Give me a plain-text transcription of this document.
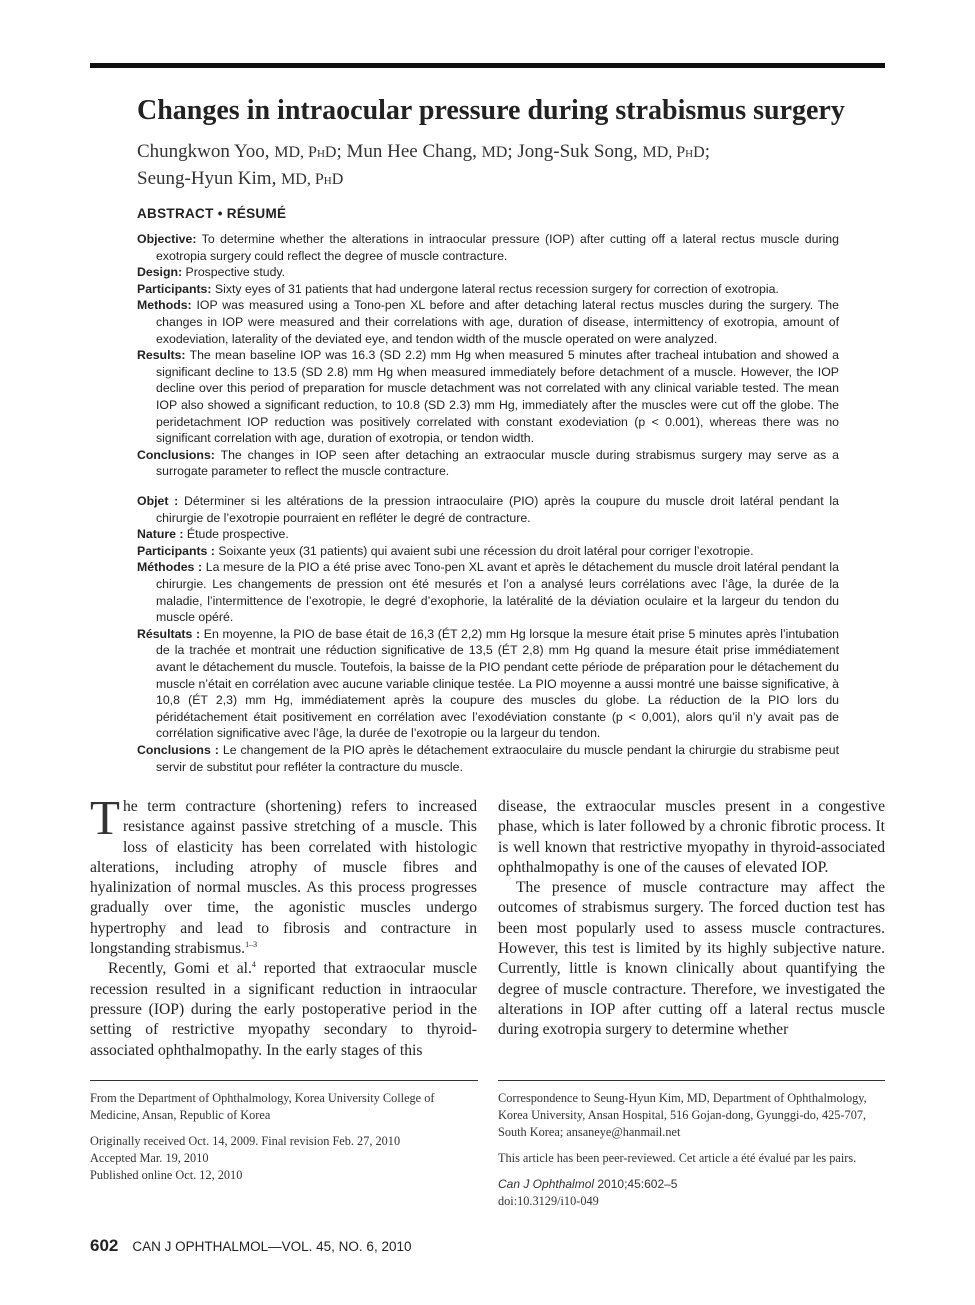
Changes in intraocular pressure during strabismus surgery
Chungkwon Yoo, MD, PhD; Mun Hee Chang, MD; Jong-Suk Song, MD, PhD;
Seung-Hyun Kim, MD, PhD
ABSTRACT • RÉSUMÉ

Objective: To determine whether the alterations in intraocular pressure (IOP) after cutting off a lateral rectus muscle during exotropia surgery could reflect the degree of muscle contracture.

Design: Prospective study.

Participants: Sixty eyes of 31 patients that had undergone lateral rectus recession surgery for correction of exotropia.

Methods: IOP was measured using a Tono-pen XL before and after detaching lateral rectus muscles during the surgery. The changes in IOP were measured and their correlations with age, duration of disease, intermittency of exotropia, amount of exodeviation, laterality of the deviated eye, and tendon width of the muscle operated on were analyzed.

Results: The mean baseline IOP was 16.3 (SD 2.2) mm Hg when measured 5 minutes after tracheal intubation and showed a significant decline to 13.5 (SD 2.8) mm Hg when measured immediately before detachment of a muscle. However, the IOP decline over this period of preparation for muscle detachment was not correlated with any clinical variable tested. The mean IOP also showed a significant reduction, to 10.8 (SD 2.3) mm Hg, immediately after the muscles were cut off the globe. The peridetachment IOP reduction was positively correlated with constant exodeviation (p < 0.001), whereas there was no significant correlation with age, duration of exotropia, or tendon width.

Conclusions: The changes in IOP seen after detaching an extraocular muscle during strabismus surgery may serve as a surrogate parameter to reflect the muscle contracture.

Objet : Déterminer si les altérations de la pression intraoculaire (PIO) après la coupure du muscle droit latéral pendant la chirurgie de l’exotropie pourraient en refléter le degré de contracture.

Nature : Étude prospective.

Participants : Soixante yeux (31 patients) qui avaient subi une récession du droit latéral pour corriger l’exotropie.

Méthodes : La mesure de la PIO a été prise avec Tono-pen XL avant et après le détachement du muscle droit latéral pendant la chirurgie. Les changements de pression ont été mesurés et l’on a analysé leurs corrélations avec l’âge, la durée de la maladie, l’intermittence de l’exotropie, le degré d’exophorie, la latéralité de la déviation oculaire et la largeur du tendon du muscle opéré.

Résultats : En moyenne, la PIO de base était de 16,3 (ÉT 2,2) mm Hg lorsque la mesure était prise 5 minutes après l’intubation de la trachée et montrait une réduction significative de 13,5 (ÉT 2,8) mm Hg quand la mesure était prise immédiatement avant le détachement du muscle. Toutefois, la baisse de la PIO pendant cette période de préparation pour le détachement du muscle n’était en corrélation avec aucune variable clinique testée. La PIO moyenne a aussi montré une baisse significative, à 10,8 (ÉT 2,3) mm Hg, immédiatement après la coupure des muscles du globe. La réduction de la PIO lors du péridétachement était positivement en corrélation avec l’exodéviation constante (p < 0,001), alors qu’il n’y avait pas de corrélation significative avec l’âge, la durée de l’exotropie ou la largeur du tendon.

Conclusions : Le changement de la PIO après le détachement extraoculaire du muscle pendant la chirurgie du strabisme peut servir de substitut pour refléter la contracture du muscle.

The term contracture (shortening) refers to increased resistance against passive stretching of a muscle. This loss of elasticity has been correlated with histologic alterations, including atrophy of muscle fibres and hyalinization of normal muscles. As this process progresses gradually over time, the agonistic muscles undergo hypertrophy and lead to fibrosis and contracture in longstanding strabismus.$^{1-3}$

Recently, Gomi et al.$^4$ reported that extraocular muscle recession resulted in a significant reduction in intraocular pressure (IOP) during the early postoperative period in the setting of restrictive myopathy secondary to thyroid-associated ophthalmopathy. In the early stages of this

disease, the extraocular muscles present in a congestive phase, which is later followed by a chronic fibrotic process. It is well known that restrictive myopathy in thyroid-associated ophthalmopathy is one of the causes of elevated IOP.

The presence of muscle contracture may affect the outcomes of strabismus surgery. The forced duction test has been most popularly used to assess muscle contractures. However, this test is limited by its highly subjective nature. Currently, little is known clinically about quantifying the degree of muscle contracture. Therefore, we investigated the alterations in IOP after cutting off a lateral rectus muscle during exotropia surgery to determine whether

From the Department of Ophthalmology, Korea University College of Medicine, Ansan, Republic of Korea

Originally received Oct. 14, 2009. Final revision Feb. 27, 2010
Accepted Mar. 19, 2010
Published online Oct. 12, 2010

Correspondence to Seung-Hyun Kim, MD, Department of Ophthalmology, Korea University, Ansan Hospital, 516 Gojan-dong, Gyunggi-do, 425-707, South Korea; ansaneye@hanmail.net

This article has been peer-reviewed. Cet article a été évalué par les pairs.

Can J Ophthalmol 2010;45:602–5
doi:10.3129/i10-049

602 CAN J OPHTHALMOL—VOL. 45, NO. 6, 2010
